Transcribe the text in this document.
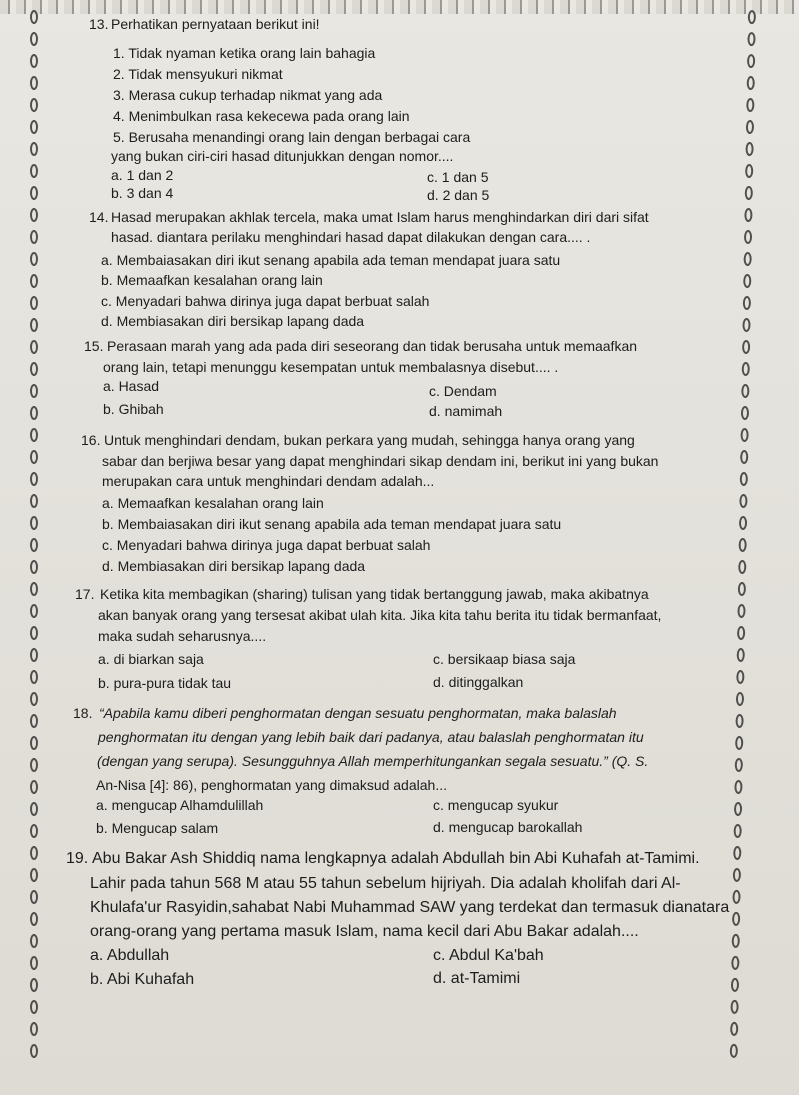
13. Perhatikan pernyataan berikut ini!
1. Tidak nyaman ketika orang lain bahagia
2. Tidak mensyukuri nikmat
3. Merasa cukup terhadap nikmat yang ada
4. Menimbulkan rasa kekecewa pada orang lain
5. Berusaha menandingi orang lain dengan berbagai cara
yang bukan ciri-ciri hasad ditunjukkan dengan nomor....
a. 1 dan 2
b. 3 dan 4
c. 1 dan 5
d. 2 dan 5
14. Hasad merupakan akhlak tercela, maka umat Islam harus menghindarkan diri dari sifat
hasad. diantara perilaku menghindari hasad dapat dilakukan dengan cara.... .
a. Membaiasakan diri ikut senang apabila ada teman mendapat juara satu
b. Memaafkan kesalahan orang lain
c. Menyadari bahwa dirinya juga dapat berbuat salah
d. Membiasakan diri bersikap lapang dada
15. Perasaan marah yang ada pada diri seseorang dan tidak berusaha untuk memaafkan
orang lain, tetapi menunggu kesempatan untuk membalasnya disebut.... .
a. Hasad
b. Ghibah
c. Dendam
d. namimah
16. Untuk menghindari dendam, bukan perkara yang mudah, sehingga hanya orang yang
sabar dan berjiwa besar yang dapat menghindari sikap dendam ini, berikut ini yang bukan
merupakan cara untuk menghindari dendam adalah...
a. Memaafkan kesalahan orang lain
b. Membaiasakan diri ikut senang apabila ada teman mendapat juara satu
c. Menyadari bahwa dirinya juga dapat berbuat salah
d. Membiasakan diri bersikap lapang dada
17. Ketika kita membagikan (sharing) tulisan yang tidak bertanggung jawab, maka akibatnya
akan banyak orang yang tersesat akibat ulah kita. Jika kita tahu berita itu tidak bermanfaat,
maka sudah seharusnya....
a. di biarkan saja
b. pura-pura tidak tau
c. bersikaap biasa saja
d. ditinggalkan
18. “Apabila kamu diberi penghormatan dengan sesuatu penghormatan, maka balaslah
penghormatan itu dengan yang lebih baik dari padanya, atau balaslah penghormatan itu
(dengan yang serupa). Sesungguhnya Allah memperhitungankan segala sesuatu.” (Q. S.
An-Nisa [4]: 86), penghormatan yang dimaksud adalah...
a. mengucap Alhamdulillah
b. Mengucap salam
c. mengucap syukur
d. mengucap barokallah
19. Abu Bakar Ash Shiddiq nama lengkapnya adalah Abdullah bin Abi Kuhafah at-Tamimi.
Lahir pada tahun 568 M atau 55 tahun sebelum hijriyah. Dia adalah kholifah dari Al-
Khulafa'ur Rasyidin,sahabat Nabi Muhammad SAW yang terdekat dan termasuk dianatara
orang-orang yang pertama masuk Islam, nama kecil dari Abu Bakar adalah....
a. Abdullah
b. Abi Kuhafah
c. Abdul Ka'bah
d. at-Tamimi
